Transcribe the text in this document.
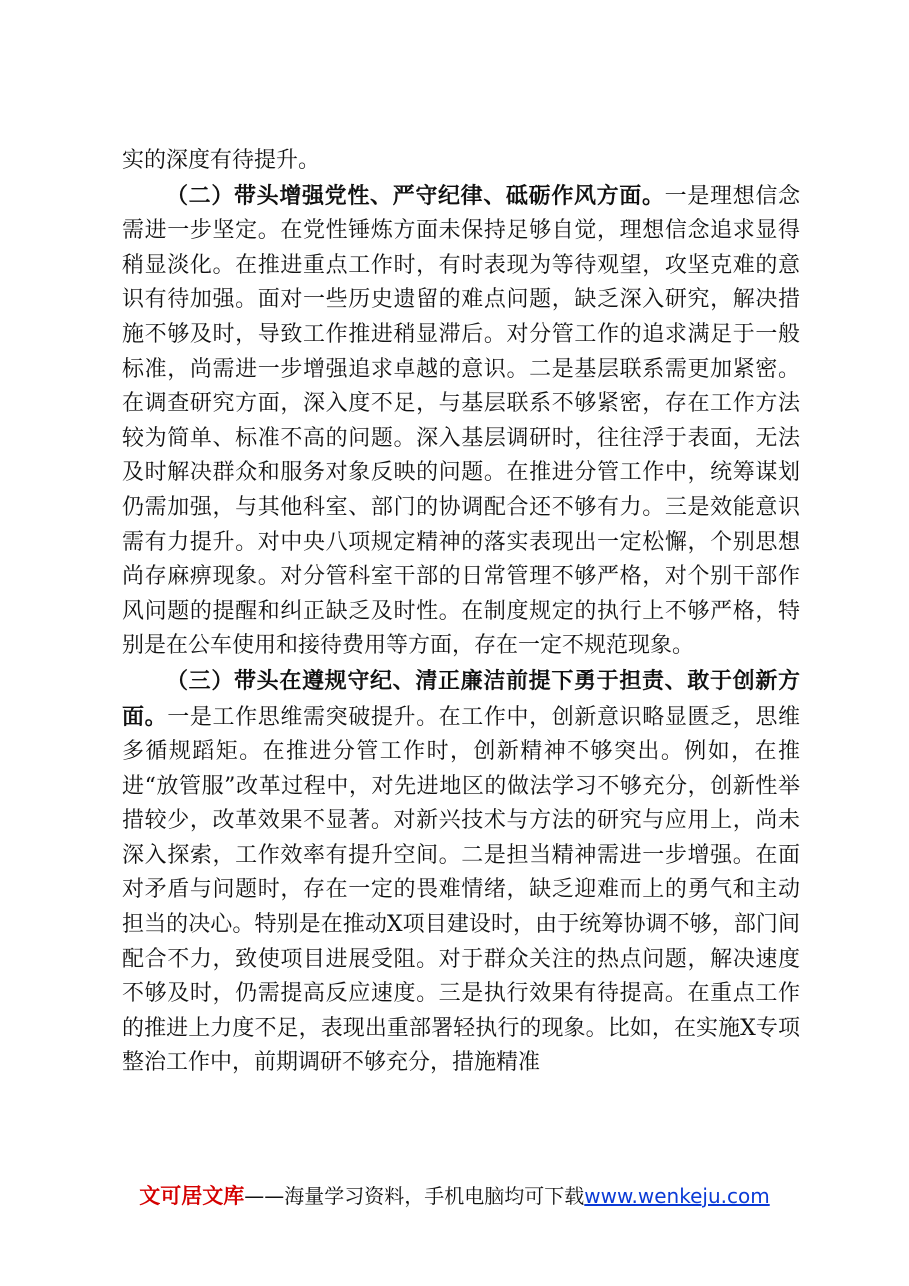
实的深度有待提升。

（二）带头增强党性、严守纪律、砥砺作风方面。一是理想信念需进一步坚定。在党性锤炼方面未保持足够自觉，理想信念追求显得稍显淡化。在推进重点工作时，有时表现为等待观望，攻坚克难的意识有待加强。面对一些历史遗留的难点问题，缺乏深入研究，解决措施不够及时，导致工作推进稍显滞后。对分管工作的追求满足于一般标准，尚需进一步增强追求卓越的意识。二是基层联系需更加紧密。在调查研究方面，深入度不足，与基层联系不够紧密，存在工作方法较为简单、标准不高的问题。深入基层调研时，往往浮于表面，无法及时解决群众和服务对象反映的问题。在推进分管工作中，统筹谋划仍需加强，与其他科室、部门的协调配合还不够有力。三是效能意识需有力提升。对中央八项规定精神的落实表现出一定松懈，个别思想尚存麻痹现象。对分管科室干部的日常管理不够严格，对个别干部作风问题的提醒和纠正缺乏及时性。在制度规定的执行上不够严格，特别是在公车使用和接待费用等方面，存在一定不规范现象。

（三）带头在遵规守纪、清正廉洁前提下勇于担责、敢于创新方面。一是工作思维需突破提升。在工作中，创新意识略显匮乏，思维多循规蹈矩。在推进分管工作时，创新精神不够突出。例如，在推进“放管服”改革过程中，对先进地区的做法学习不够充分，创新性举措较少，改革效果不显著。对新兴技术与方法的研究与应用上，尚未深入探索，工作效率有提升空间。二是担当精神需进一步增强。在面对矛盾与问题时，存在一定的畏难情绪，缺乏迎难而上的勇气和主动担当的决心。特别是在推动X项目建设时，由于统筹协调不够，部门间配合不力，致使项目进展受阻。对于群众关注的热点问题，解决速度不够及时，仍需提高反应速度。三是执行效果有待提高。在重点工作的推进上力度不足，表现出重部署轻执行的现象。比如，在实施X专项整治工作中，前期调研不够充分，措施精准

文可居文库——海量学习资料，手机电脑均可下载www.wenkeju.com
